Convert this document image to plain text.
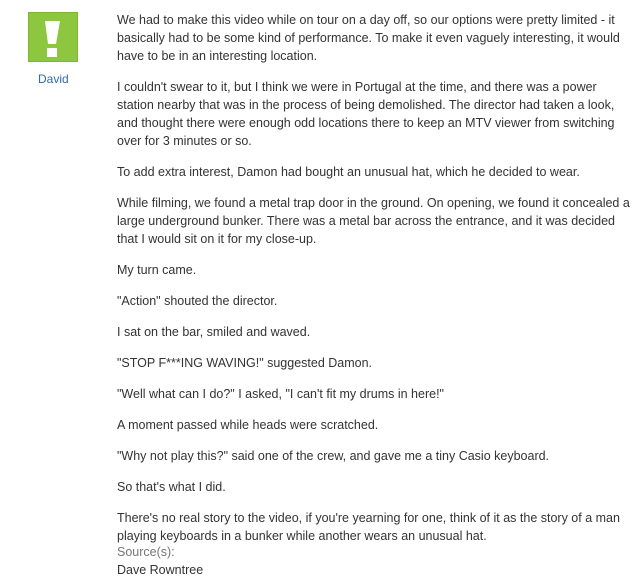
David

We had to make this video while on tour on a day off, so our options were pretty limited - it basically had to be some kind of performance. To make it even vaguely interesting, it would have to be in an interesting location.

I couldn't swear to it, but I think we were in Portugal at the time, and there was a power station nearby that was in the process of being demolished. The director had taken a look, and thought there were enough odd locations there to keep an MTV viewer from switching over for 3 minutes or so.

To add extra interest, Damon had bought an unusual hat, which he decided to wear.

While filming, we found a metal trap door in the ground. On opening, we found it concealed a large underground bunker. There was a metal bar across the entrance, and it was decided that I would sit on it for my close-up.

My turn came.

"Action" shouted the director.

I sat on the bar, smiled and waved.

"STOP F***ING WAVING!" suggested Damon.

"Well what can I do?" I asked, "I can't fit my drums in here!"

A moment passed while heads were scratched.

"Why not play this?" said one of the crew, and gave me a tiny Casio keyboard.

So that's what I did.

There's no real story to the video, if you're yearning for one, think of it as the story of a man playing keyboards in a bunker while another wears an unusual hat.

Source(s):
Dave Rowntree
